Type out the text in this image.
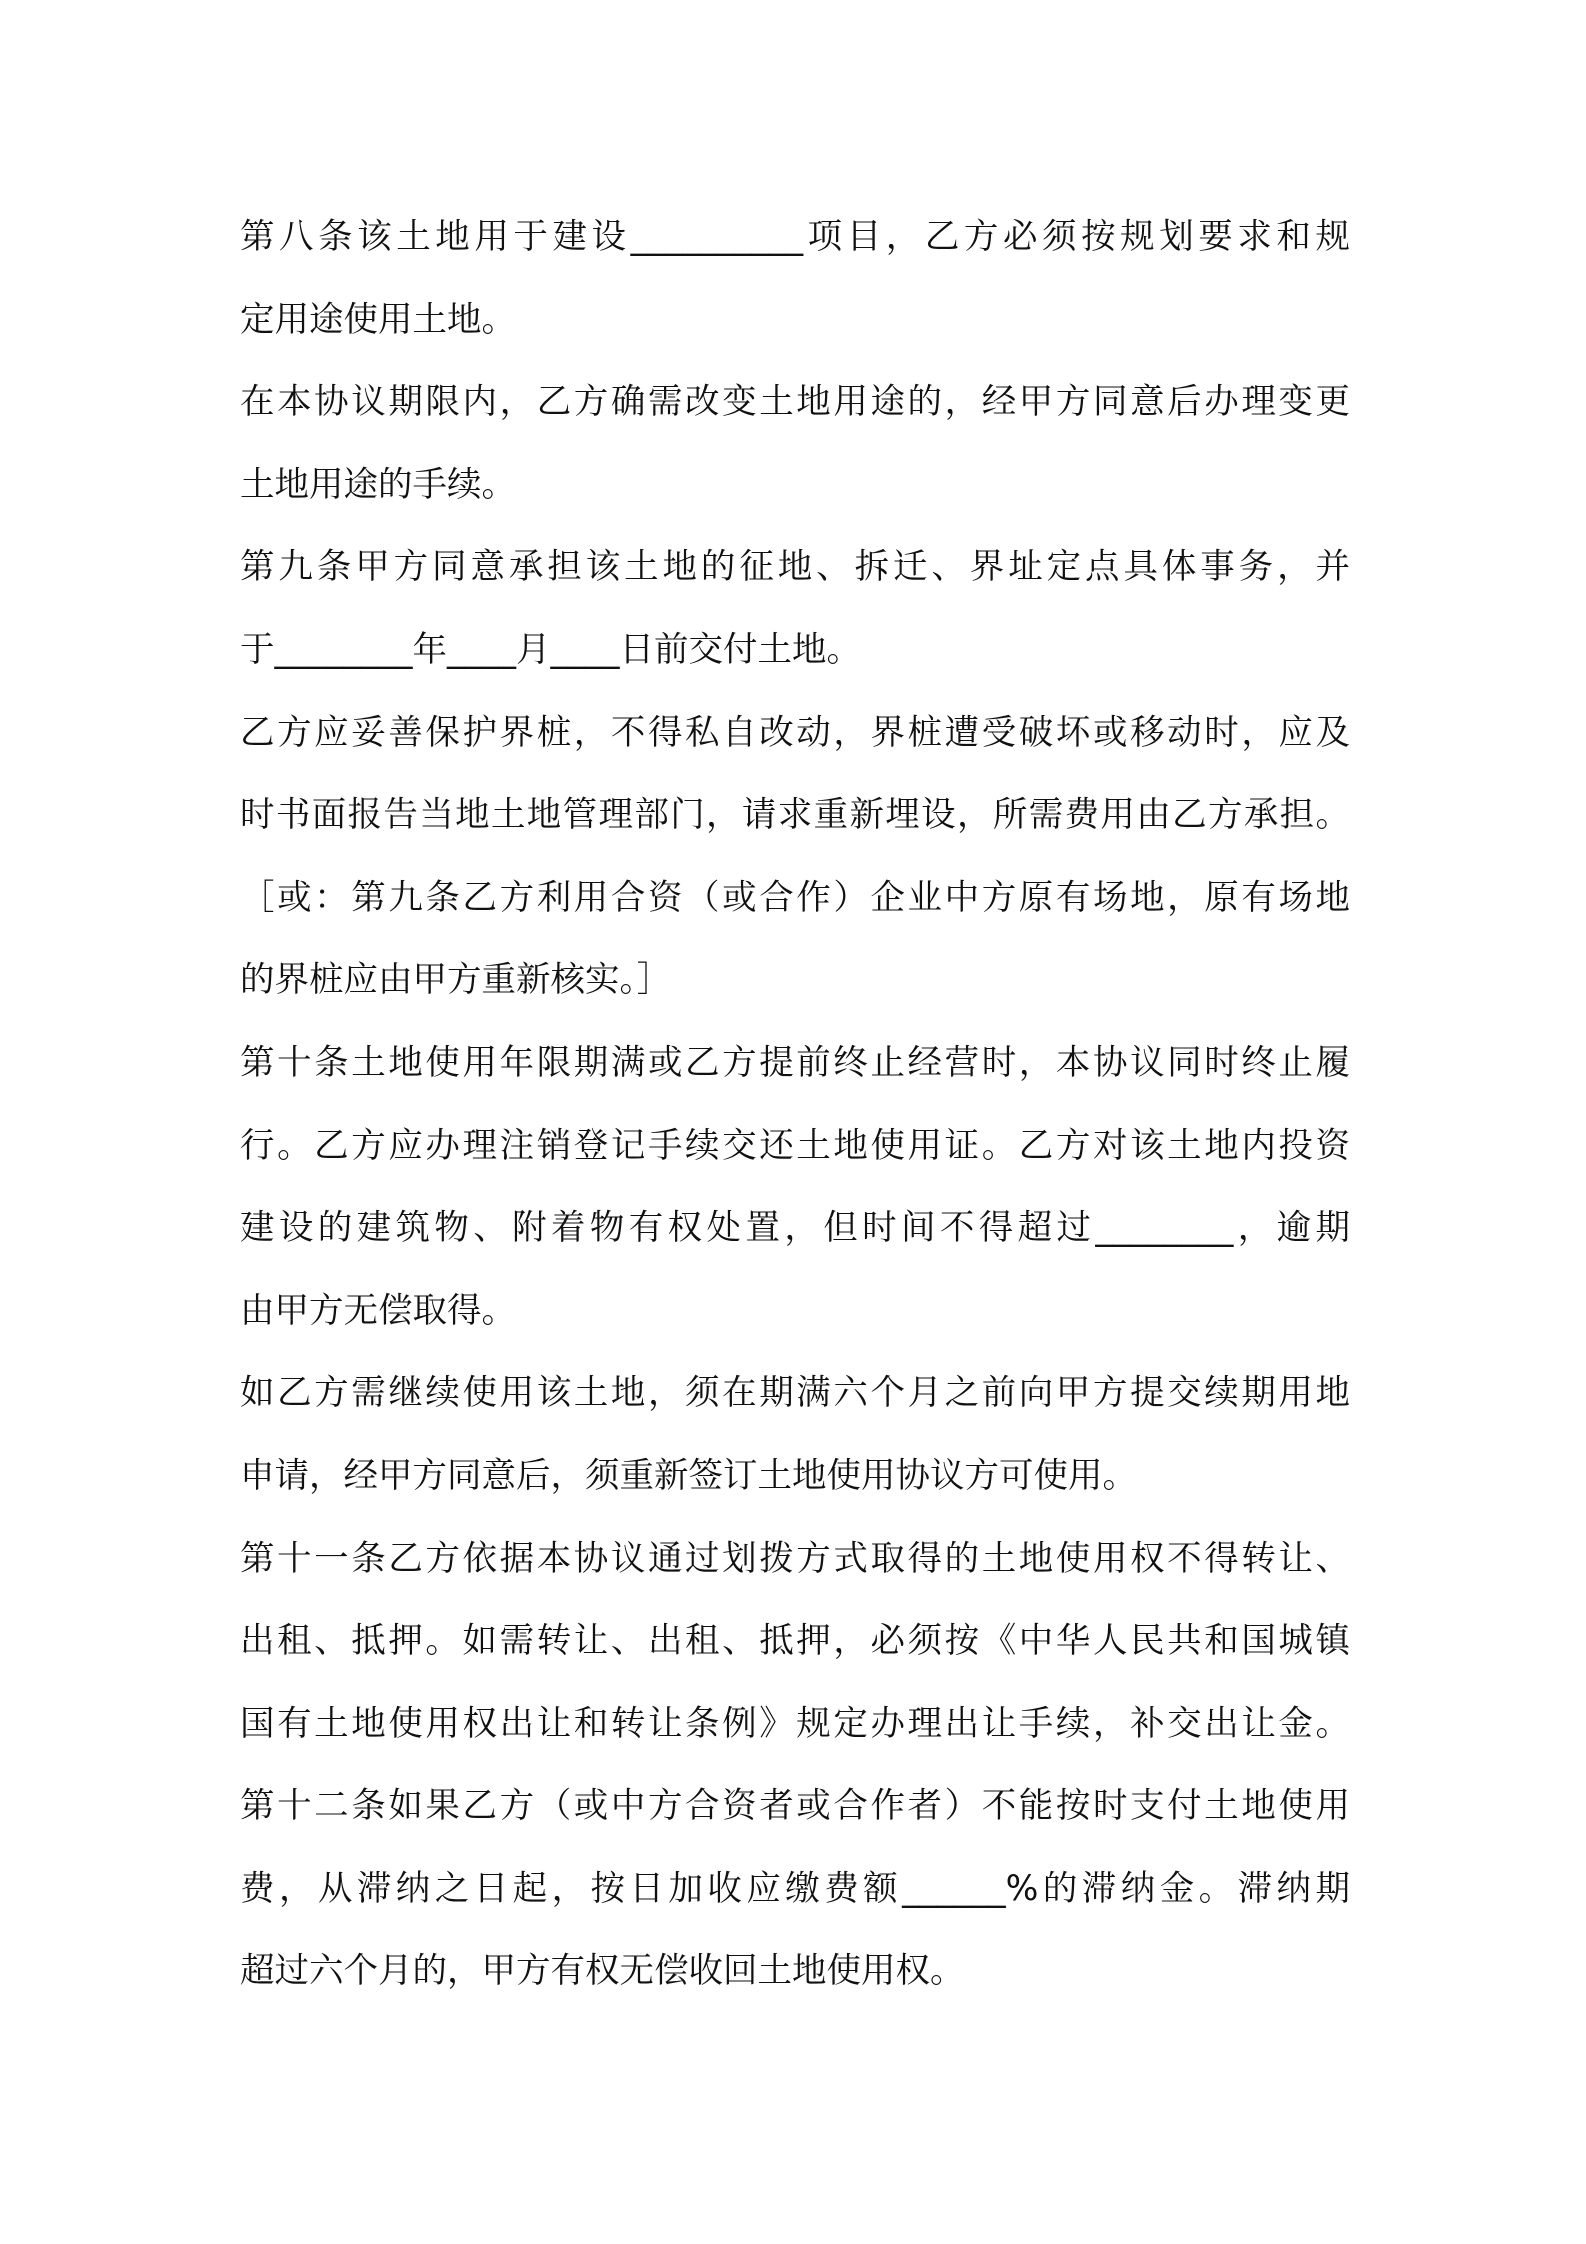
第八条该土地用于建设__________项目，乙方必须按规划要求和规
定用途使用土地。
在本协议期限内，乙方确需改变土地用途的，经甲方同意后办理变更
土地用途的手续。
第九条甲方同意承担该土地的征地、拆迁、界址定点具体事务，并
于________年____月____日前交付土地。
乙方应妥善保护界桩，不得私自改动，界桩遭受破坏或移动时，应及
时书面报告当地土地管理部门，请求重新埋设，所需费用由乙方承担。
［或：第九条乙方利用合资（或合作）企业中方原有场地，原有场地
的界桩应由甲方重新核实。］
第十条土地使用年限期满或乙方提前终止经营时，本协议同时终止履
行。乙方应办理注销登记手续交还土地使用证。乙方对该土地内投资
建设的建筑物、附着物有权处置，但时间不得超过________，逾期
由甲方无偿取得。
如乙方需继续使用该土地，须在期满六个月之前向甲方提交续期用地
申请，经甲方同意后，须重新签订土地使用协议方可使用。
第十一条乙方依据本协议通过划拨方式取得的土地使用权不得转让、
出租、抵押。如需转让、出租、抵押，必须按《中华人民共和国城镇
国有土地使用权出让和转让条例》规定办理出让手续，补交出让金。
第十二条如果乙方（或中方合资者或合作者）不能按时支付土地使用
费，从滞纳之日起，按日加收应缴费额______%的滞纳金。滞纳期
超过六个月的，甲方有权无偿收回土地使用权。
